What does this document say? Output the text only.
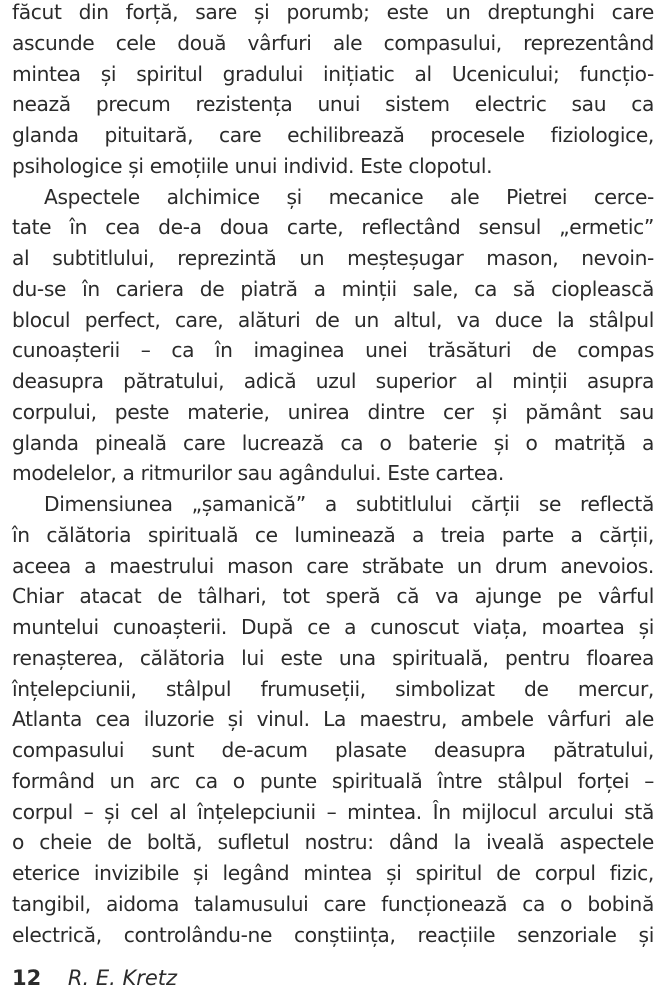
făcut din forță, sare și porumb; este un dreptunghi care
ascunde cele două vârfuri ale compasului, reprezentând
mintea și spiritul gradului inițiatic al Ucenicului; funcțio-
nează precum rezistența unui sistem electric sau ca
glanda pituitară, care echilibrează procesele fiziologice,
psihologice și emoțiile unui individ. Este clopotul.
Aspectele alchimice și mecanice ale Pietrei cerce-
tate în cea de-a doua carte, reflectând sensul „ermetic”
al subtitlului, reprezintă un meșteșugar mason, nevoin-
du-se în cariera de piatră a minții sale, ca să cioplească
blocul perfect, care, alături de un altul, va duce la stâlpul
cunoașterii – ca în imaginea unei trăsături de compas
deasupra pătratului, adică uzul superior al minții asupra
corpului, peste materie, unirea dintre cer și pământ sau
glanda pineală care lucrează ca o baterie și o matriță a
modelelor, a ritmurilor sau agândului. Este cartea.
Dimensiunea „șamanică” a subtitlului cărții se reflectă
în călătoria spirituală ce luminează a treia parte a cărții,
aceea a maestrului mason care străbate un drum anevoios.
Chiar atacat de tâlhari, tot speră că va ajunge pe vârful
muntelui cunoașterii. După ce a cunoscut viața, moartea și
renașterea, călătoria lui este una spirituală, pentru floarea
înțelepciunii, stâlpul frumuseții, simbolizat de mercur,
Atlanta cea iluzorie și vinul. La maestru, ambele vârfuri ale
compasului sunt de-acum plasate deasupra pătratului,
formând un arc ca o punte spirituală între stâlpul forței –
corpul – și cel al înțelepciunii – mintea. În mijlocul arcului stă
o cheie de boltă, sufletul nostru: dând la iveală aspectele
eterice invizibile și legând mintea și spiritul de corpul fizic,
tangibil, aidoma talamusului care funcționează ca o bobină
electrică, controlându-ne conștiința, reacțiile senzoriale și
12 R. E. Kretz
